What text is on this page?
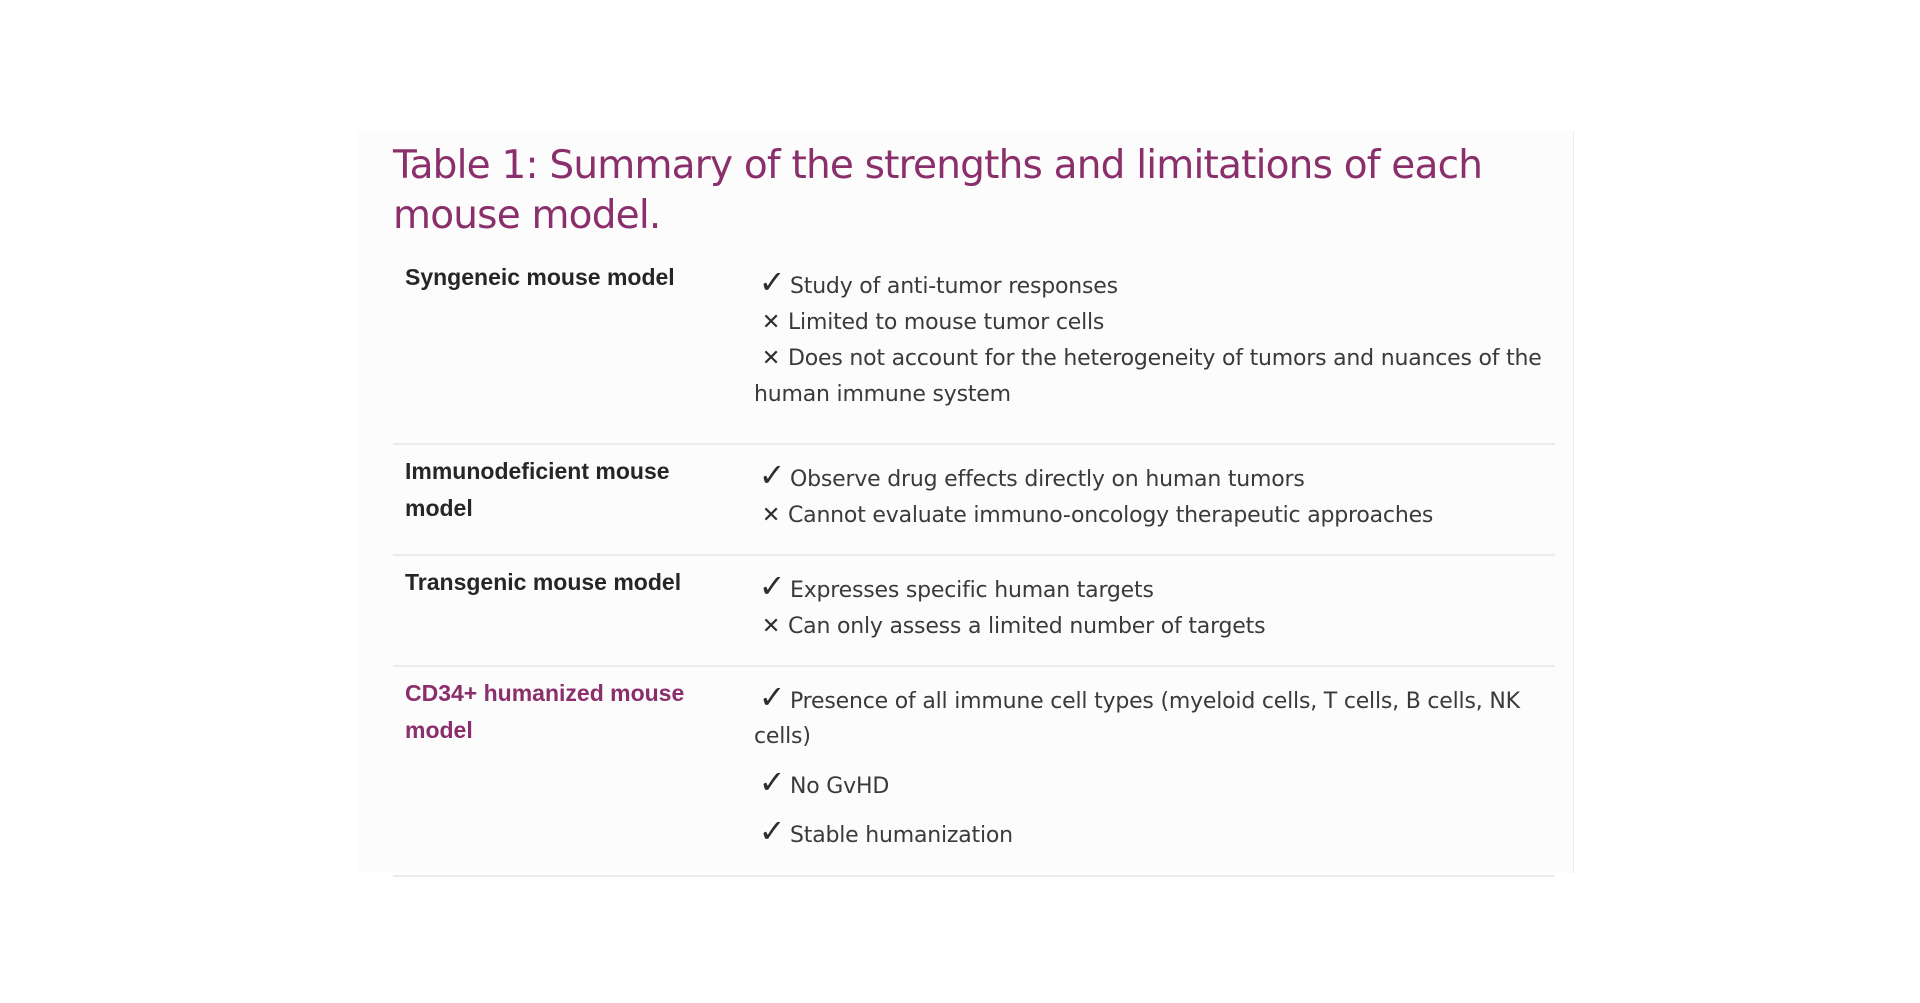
Table 1: Summary of the strengths and limitations of each mouse model.
Syngeneic mouse model	✓ Study of anti-tumor responses
✕ Limited to mouse tumor cells
✕ Does not account for the heterogeneity of tumors and nuances of the
human immune system
Immunodeficient mouse
model
✓ Observe drug effects directly on human tumors
✕ Cannot evaluate immuno-oncology therapeutic approaches
Transgenic mouse model	✓ Expresses specific human targets
✕ Can only assess a limited number of targets
CD34+ humanized mouse
model
✓ Presence of all immune cell types (myeloid cells, T cells, B cells, NK
cells)
✓ No GvHD
✓ Stable humanization
